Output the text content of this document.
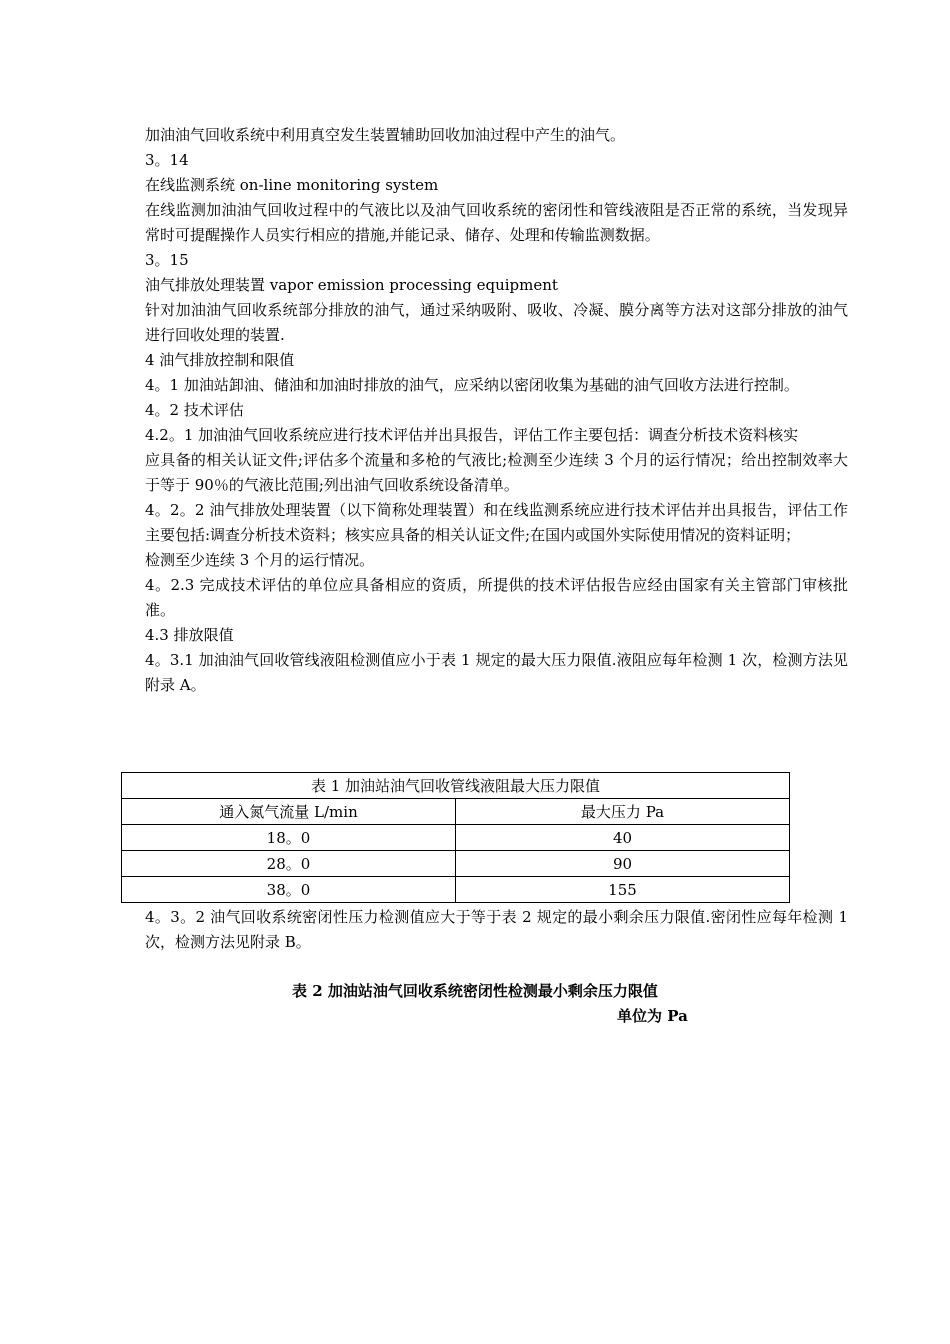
加油油气回收系统中利用真空发生装置辅助回收加油过程中产生的油气。
3。14
在线监测系统 on-line monitoring system
在线监测加油油气回收过程中的气液比以及油气回收系统的密闭性和管线液阻是否正常的系统，当发现异常时可提醒操作人员实行相应的措施,并能记录、储存、处理和传输监测数据。
3。15
油气排放处理装置 vapor emission processing equipment
针对加油油气回收系统部分排放的油气，通过采纳吸附、吸收、冷凝、膜分离等方法对这部分排放的油气进行回收处理的装置.
4 油气排放控制和限值
4。1 加油站卸油、储油和加油时排放的油气，应采纳以密闭收集为基础的油气回收方法进行控制。
4。2 技术评估
4.2。1 加油油气回收系统应进行技术评估并出具报告，评估工作主要包括：调查分析技术资料核实
应具备的相关认证文件;评估多个流量和多枪的气液比;检测至少连续 3 个月的运行情况；给出控制效率大于等于 90％的气液比范围;列出油气回收系统设备清单。
4。2。2 油气排放处理装置（以下简称处理装置）和在线监测系统应进行技术评估并出具报告，评估工作主要包括:调查分析技术资料；核实应具备的相关认证文件;在国内或国外实际使用情况的资料证明；
检测至少连续 3 个月的运行情况。
4。2.3 完成技术评估的单位应具备相应的资质，所提供的技术评估报告应经由国家有关主管部门审核批准。
4.3 排放限值
4。3.1 加油油气回收管线液阻检测值应小于表 1 规定的最大压力限值.液阻应每年检测 1 次，检测方法见附录 A。
表 1 加油站油气回收管线液阻最大压力限值	
通入氮气流量 L/min	最大压力 Pa
18。0	40
28。0	90
38。0	155
4。3。2 油气回收系统密闭性压力检测值应大于等于表 2 规定的最小剩余压力限值.密闭性应每年检测 1 次，检测方法见附录 B。
表 2 加油站油气回收系统密闭性检测最小剩余压力限值
单位为 Pa
